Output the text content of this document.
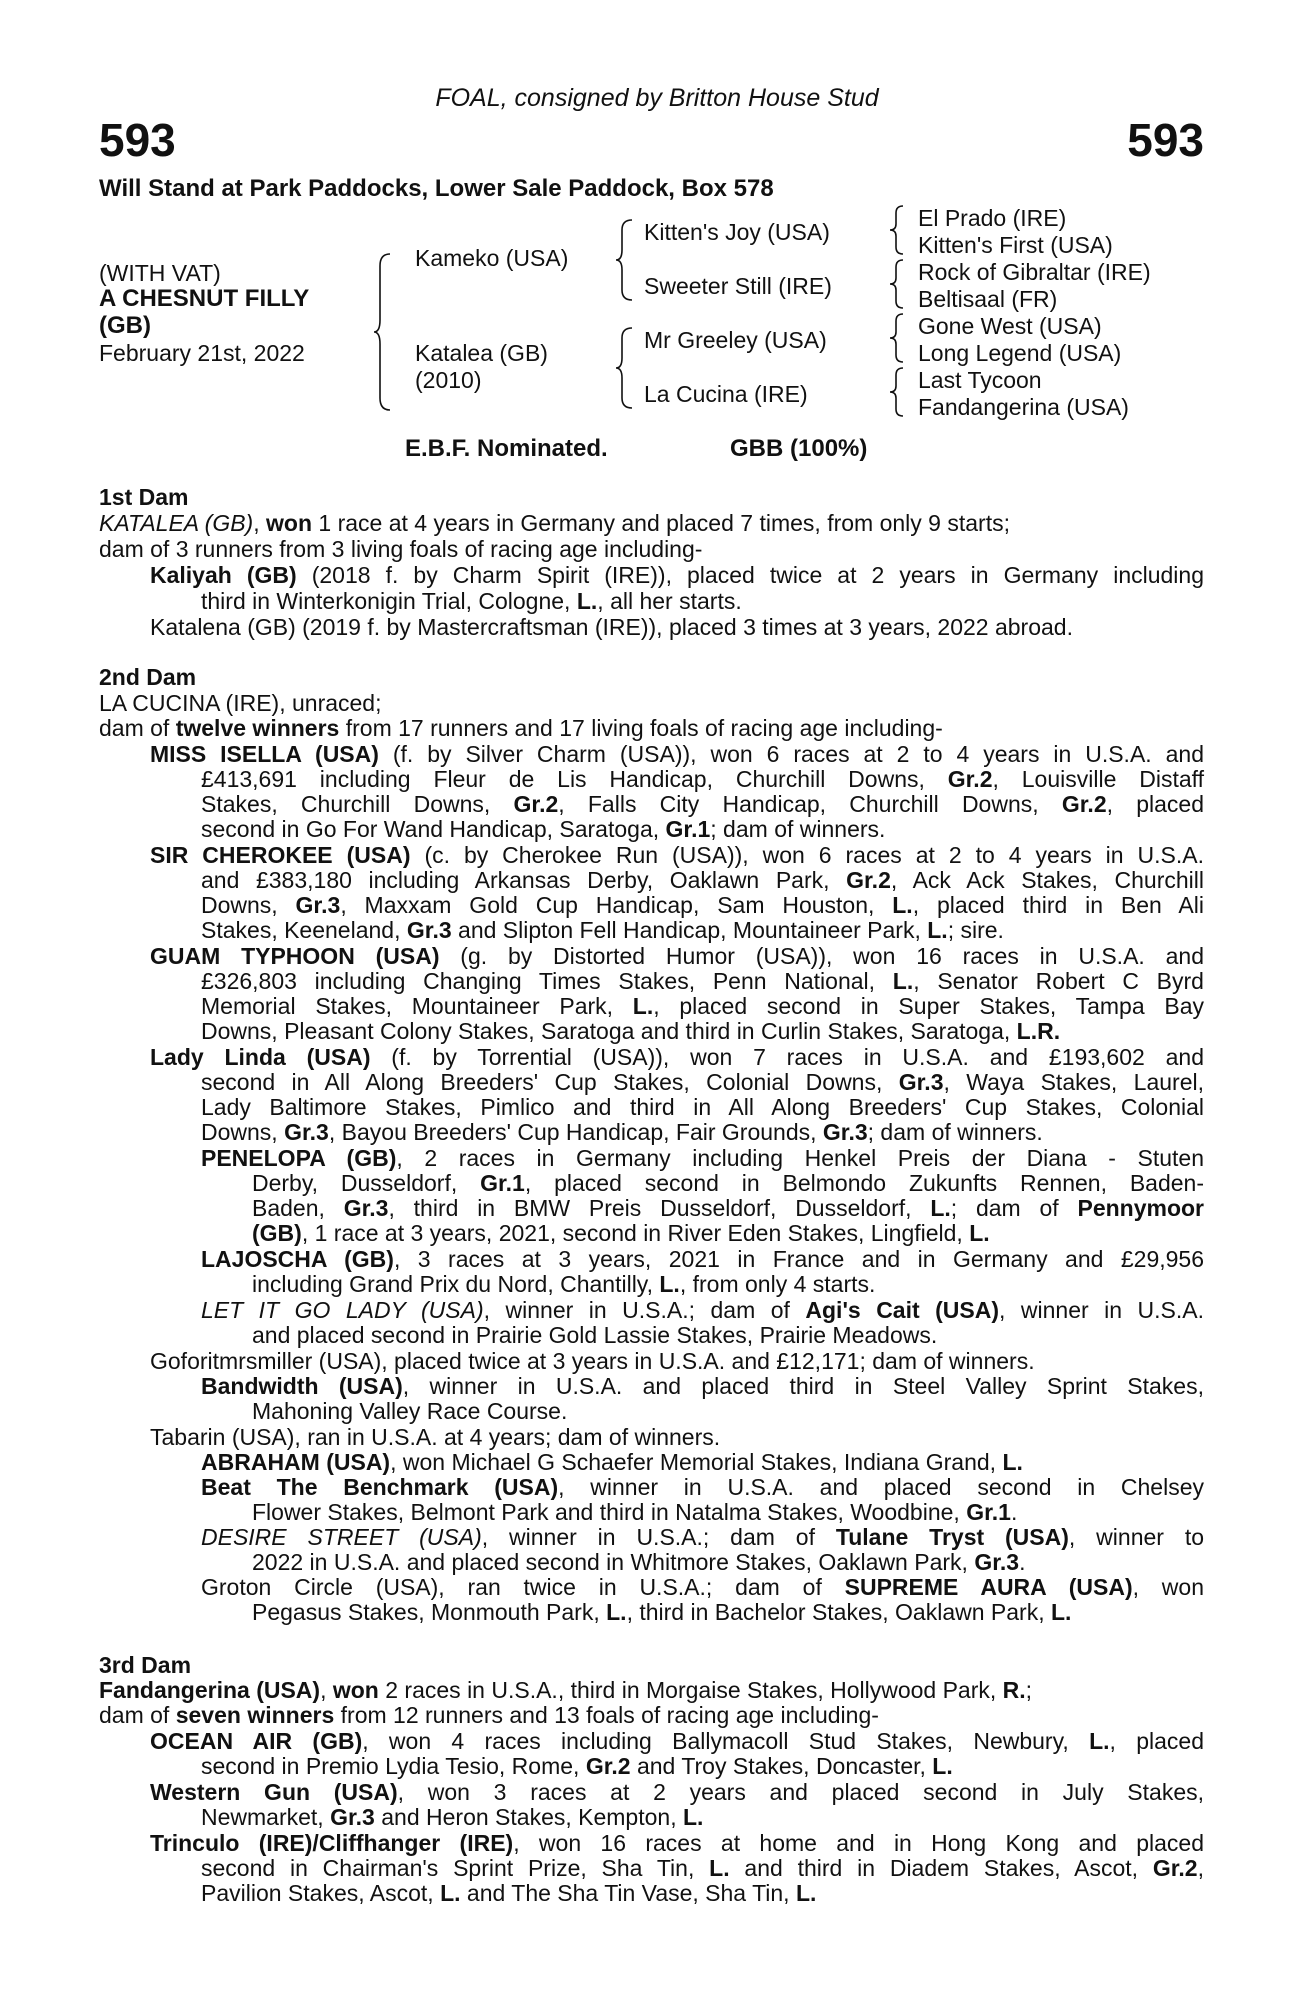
FOAL, consigned by Britton House Stud
593	593
Will Stand at Park Paddocks, Lower Sale Paddock, Box 578
(WITH VAT)
A CHESNUT FILLY
(GB)
February 21st, 2022
Kameko (USA)
Katalea (GB)
(2010)
Kitten's Joy (USA)
Sweeter Still (IRE)
Mr Greeley (USA)
La Cucina (IRE)
El Prado (IRE)
Kitten's First (USA)
Rock of Gibraltar (IRE)
Beltisaal (FR)
Gone West (USA)
Long Legend (USA)
Last Tycoon
Fandangerina (USA)
E.B.F. Nominated.	GBB (100%)
1st Dam
KATALEA (GB), won 1 race at 4 years in Germany and placed 7 times, from only 9 starts;
dam of 3 runners from 3 living foals of racing age including-
Kaliyah (GB) (2018 f. by Charm Spirit (IRE)), placed twice at 2 years in Germany including
third in Winterkonigin Trial, Cologne, L., all her starts.
Katalena (GB) (2019 f. by Mastercraftsman (IRE)), placed 3 times at 3 years, 2022 abroad.
2nd Dam
LA CUCINA (IRE), unraced;
dam of twelve winners from 17 runners and 17 living foals of racing age including-
MISS ISELLA (USA) (f. by Silver Charm (USA)), won 6 races at 2 to 4 years in U.S.A. and
£413,691 including Fleur de Lis Handicap, Churchill Downs, Gr.2, Louisville Distaff
Stakes, Churchill Downs, Gr.2, Falls City Handicap, Churchill Downs, Gr.2, placed
second in Go For Wand Handicap, Saratoga, Gr.1; dam of winners.
SIR CHEROKEE (USA) (c. by Cherokee Run (USA)), won 6 races at 2 to 4 years in U.S.A.
and £383,180 including Arkansas Derby, Oaklawn Park, Gr.2, Ack Ack Stakes, Churchill
Downs, Gr.3, Maxxam Gold Cup Handicap, Sam Houston, L., placed third in Ben Ali
Stakes, Keeneland, Gr.3 and Slipton Fell Handicap, Mountaineer Park, L.; sire.
GUAM TYPHOON (USA) (g. by Distorted Humor (USA)), won 16 races in U.S.A. and
£326,803 including Changing Times Stakes, Penn National, L., Senator Robert C Byrd
Memorial Stakes, Mountaineer Park, L., placed second in Super Stakes, Tampa Bay
Downs, Pleasant Colony Stakes, Saratoga and third in Curlin Stakes, Saratoga, L.R.
Lady Linda (USA) (f. by Torrential (USA)), won 7 races in U.S.A. and £193,602 and
second in All Along Breeders' Cup Stakes, Colonial Downs, Gr.3, Waya Stakes, Laurel,
Lady Baltimore Stakes, Pimlico and third in All Along Breeders' Cup Stakes, Colonial
Downs, Gr.3, Bayou Breeders' Cup Handicap, Fair Grounds, Gr.3; dam of winners.
PENELOPA (GB), 2 races in Germany including Henkel Preis der Diana - Stuten
Derby, Dusseldorf, Gr.1, placed second in Belmondo Zukunfts Rennen, Baden-
Baden, Gr.3, third in BMW Preis Dusseldorf, Dusseldorf, L.; dam of Pennymoor
(GB), 1 race at 3 years, 2021, second in River Eden Stakes, Lingfield, L.
LAJOSCHA (GB), 3 races at 3 years, 2021 in France and in Germany and £29,956
including Grand Prix du Nord, Chantilly, L., from only 4 starts.
LET IT GO LADY (USA), winner in U.S.A.; dam of Agi's Cait (USA), winner in U.S.A.
and placed second in Prairie Gold Lassie Stakes, Prairie Meadows.
Goforitmrsmiller (USA), placed twice at 3 years in U.S.A. and £12,171; dam of winners.
Bandwidth (USA), winner in U.S.A. and placed third in Steel Valley Sprint Stakes,
Mahoning Valley Race Course.
Tabarin (USA), ran in U.S.A. at 4 years; dam of winners.
ABRAHAM (USA), won Michael G Schaefer Memorial Stakes, Indiana Grand, L.
Beat The Benchmark (USA), winner in U.S.A. and placed second in Chelsey
Flower Stakes, Belmont Park and third in Natalma Stakes, Woodbine, Gr.1.
DESIRE STREET (USA), winner in U.S.A.; dam of Tulane Tryst (USA), winner to
2022 in U.S.A. and placed second in Whitmore Stakes, Oaklawn Park, Gr.3.
Groton Circle (USA), ran twice in U.S.A.; dam of SUPREME AURA (USA), won
Pegasus Stakes, Monmouth Park, L., third in Bachelor Stakes, Oaklawn Park, L.
3rd Dam
Fandangerina (USA), won 2 races in U.S.A., third in Morgaise Stakes, Hollywood Park, R.;
dam of seven winners from 12 runners and 13 foals of racing age including-
OCEAN AIR (GB), won 4 races including Ballymacoll Stud Stakes, Newbury, L., placed
second in Premio Lydia Tesio, Rome, Gr.2 and Troy Stakes, Doncaster, L.
Western Gun (USA), won 3 races at 2 years and placed second in July Stakes,
Newmarket, Gr.3 and Heron Stakes, Kempton, L.
Trinculo (IRE)/Cliffhanger (IRE), won 16 races at home and in Hong Kong and placed
second in Chairman's Sprint Prize, Sha Tin, L. and third in Diadem Stakes, Ascot, Gr.2,
Pavilion Stakes, Ascot, L. and The Sha Tin Vase, Sha Tin, L.
